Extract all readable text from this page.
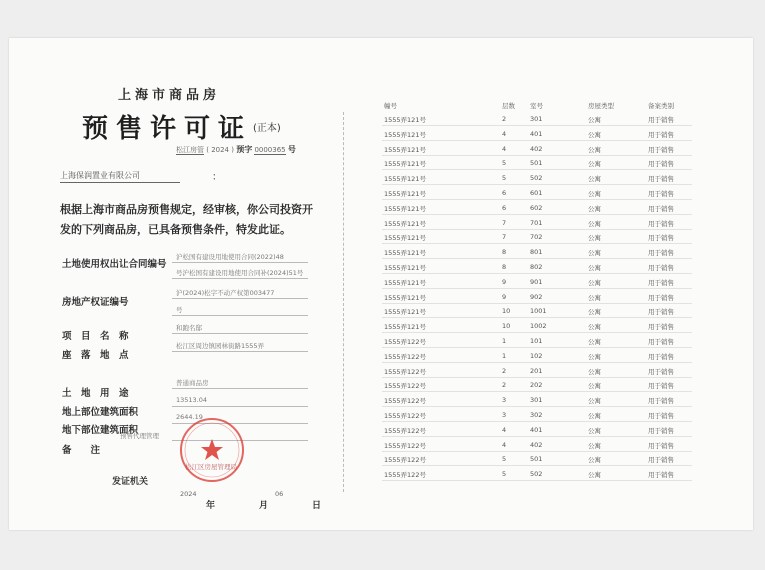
上海市商品房
预售许可证 (正本)
松江房管 ( 2024 ) 预字 0000365 号
上海保润置业有限公司	：
根据上海市商品房预售规定，经审核，你公司投资开发的下列商品房，已具备预售条件，特发此证。
土地使用权出让合同编号
沪松国有建设用地使用合同(2022)48
号沪松国有建设用地使用合同补(2024)51号
房地产权证编号
沪(2024)松字不动产权第003477
号
项　目　名　称
和跑名邸
座　落　地　点
松江区周边镇园林街路1555弄
土　地　用　途
普通商品房
地上部位建筑面积
13513.04
地下部位建筑面积
2644.19
备　　注
预售代理管理
发证机关
松江区房屋管理局
2024	06
年	月	日
幢号	层数 室号	房屋类型	备案类别
1555弄121号	2	301	公寓	用于销售
1555弄121号	4	401	公寓	用于销售
1555弄121号	4	402	公寓	用于销售
1555弄121号	5	501	公寓	用于销售
1555弄121号	5	502	公寓	用于销售
1555弄121号	6	601	公寓	用于销售
1555弄121号	6	602	公寓	用于销售
1555弄121号	7	701	公寓	用于销售
1555弄121号	7	702	公寓	用于销售
1555弄121号	8	801	公寓	用于销售
1555弄121号	8	802	公寓	用于销售
1555弄121号	9	901	公寓	用于销售
1555弄121号	9	902	公寓	用于销售
1555弄121号	10	1001	公寓	用于销售
1555弄121号	10	1002	公寓	用于销售
1555弄122号	1	101	公寓	用于销售
1555弄122号	1	102	公寓	用于销售
1555弄122号	2	201	公寓	用于销售
1555弄122号	2	202	公寓	用于销售
1555弄122号	3	301	公寓	用于销售
1555弄122号	3	302	公寓	用于销售
1555弄122号	4	401	公寓	用于销售
1555弄122号	4	402	公寓	用于销售
1555弄122号	5	501	公寓	用于销售
1555弄122号	5	502	公寓	用于销售
